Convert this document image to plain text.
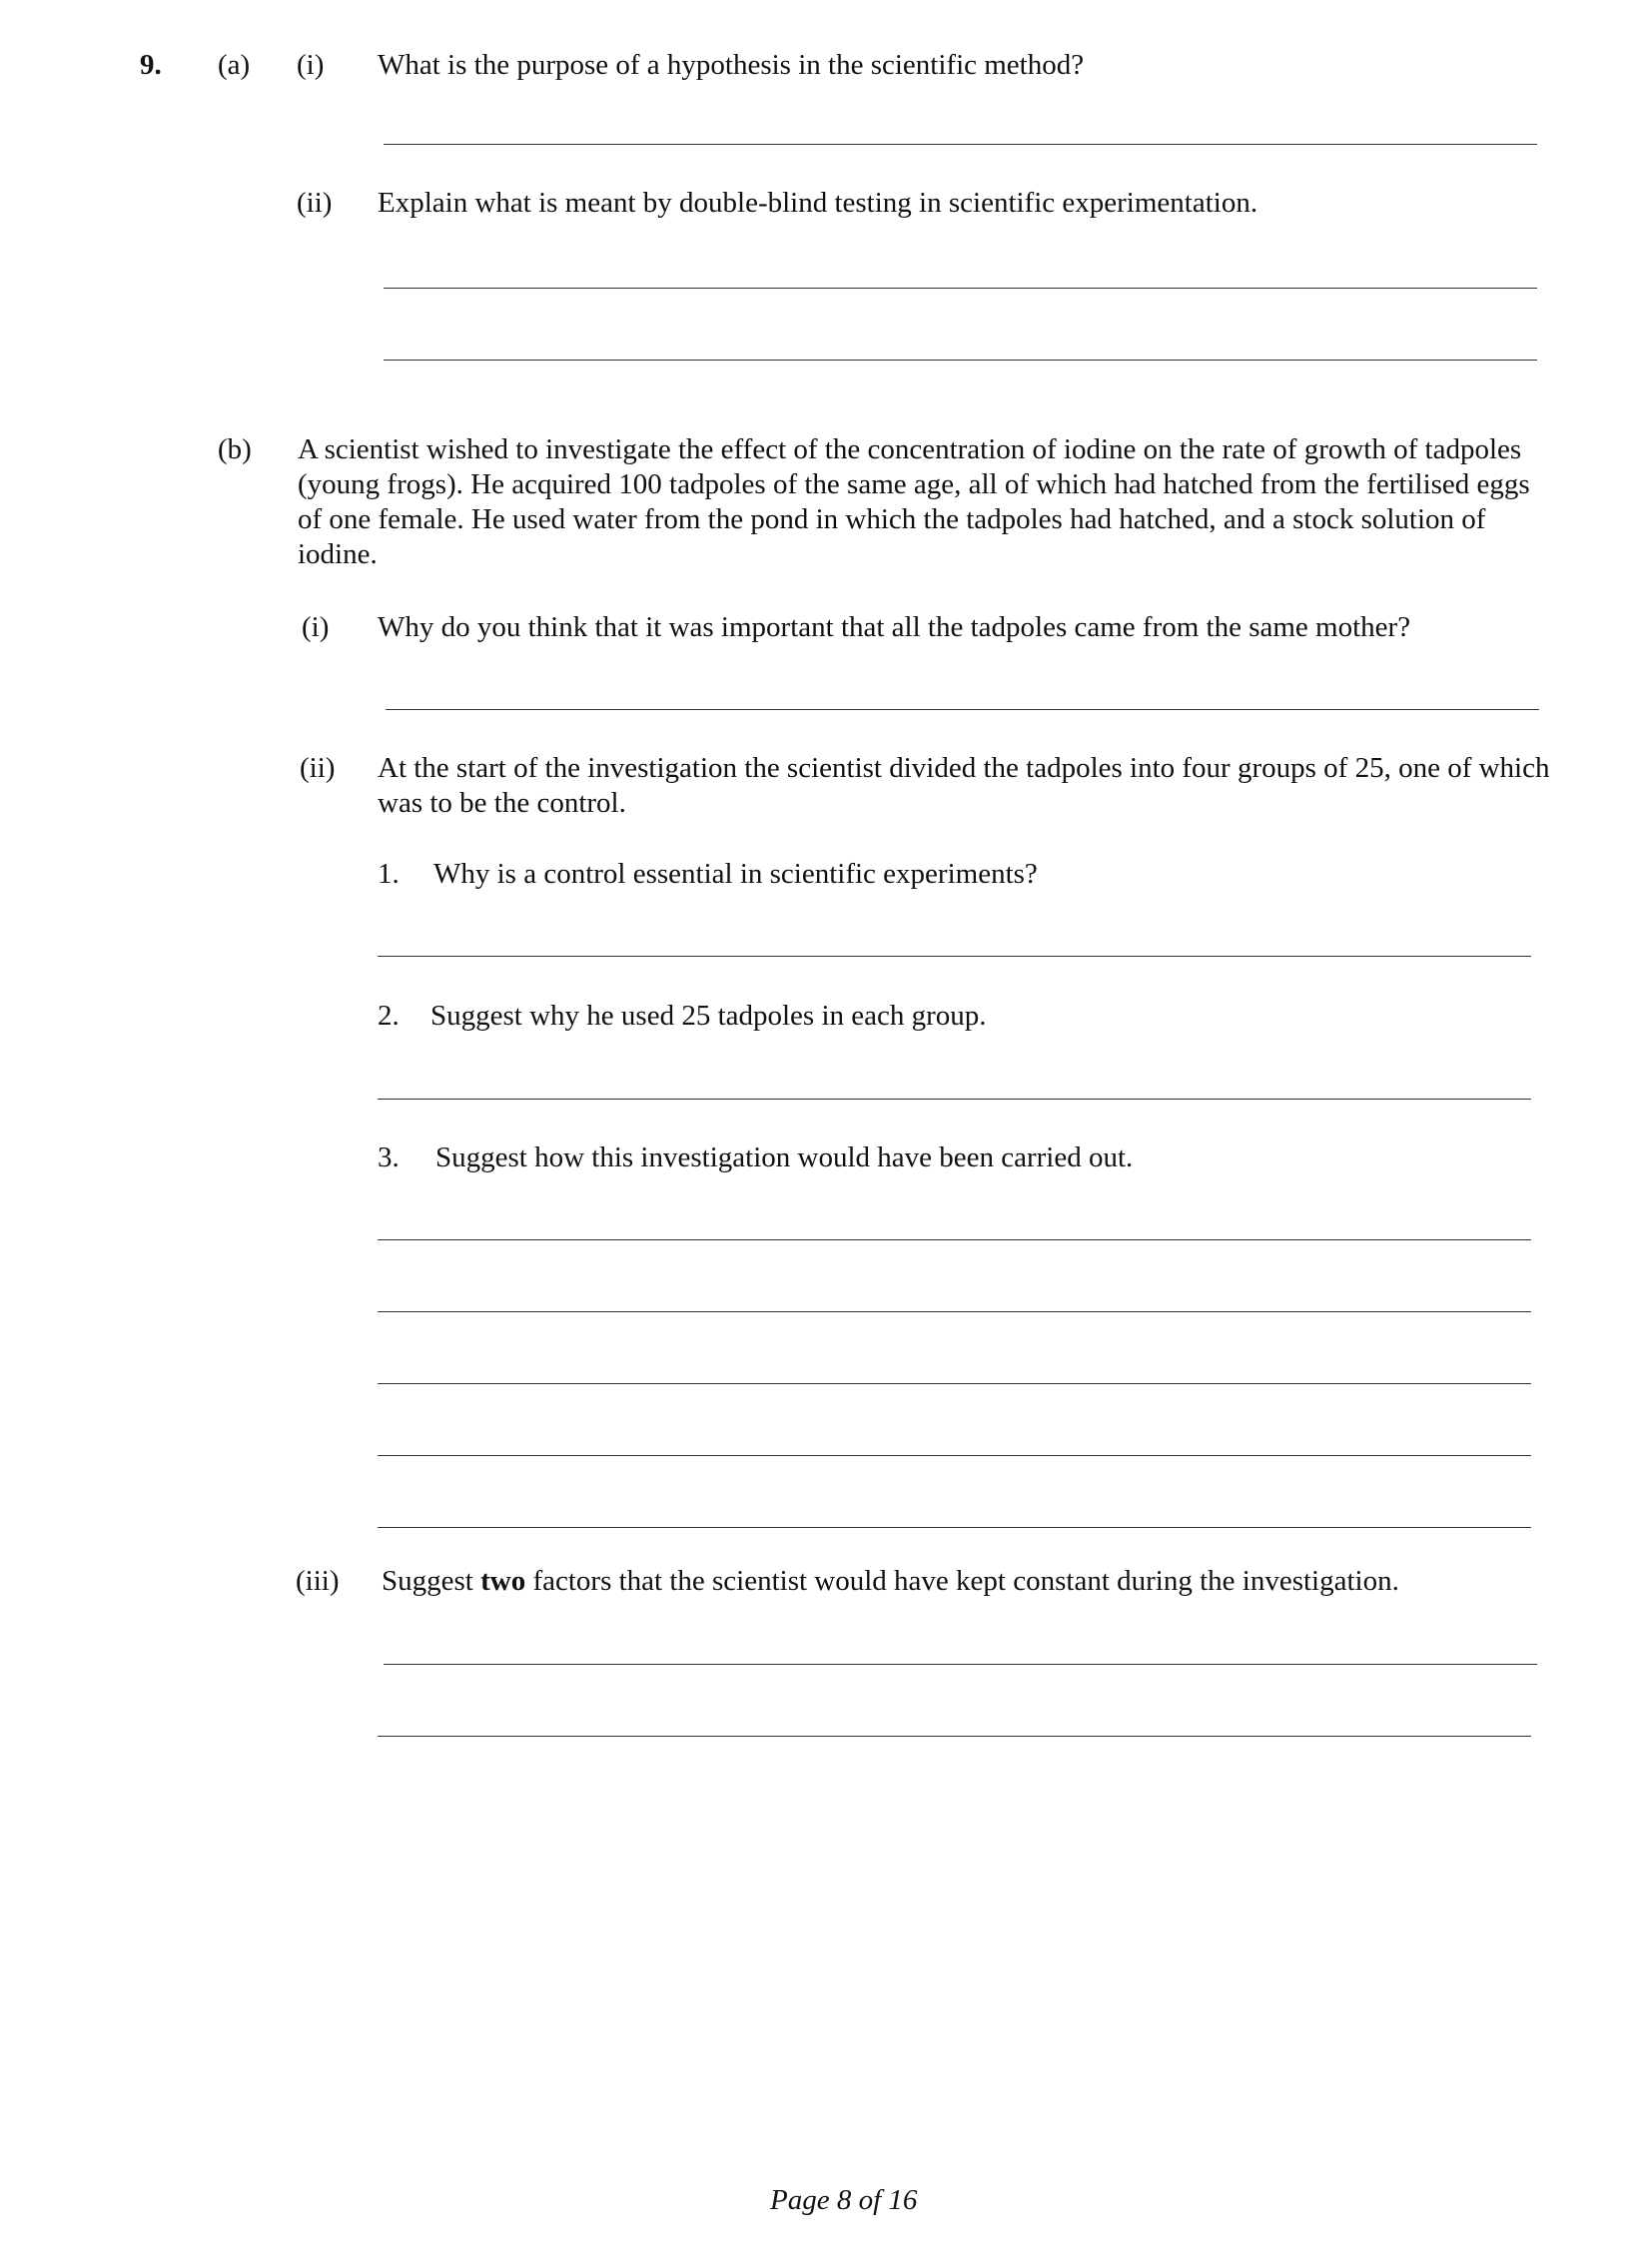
9. (a) (i) What is the purpose of a hypothesis in the scientific method?
(ii) Explain what is meant by double-blind testing in scientific experimentation.
(b) A scientist wished to investigate the effect of the concentration of iodine on the rate of growth of tadpoles (young frogs). He acquired 100 tadpoles of the same age, all of which had hatched from the fertilised eggs of one female. He used water from the pond in which the tadpoles had hatched, and a stock solution of iodine.
(i) Why do you think that it was important that all the tadpoles came from the same mother?
(ii) At the start of the investigation the scientist divided the tadpoles into four groups of 25, one of which was to be the control.
1. Why is a control essential in scientific experiments?
2. Suggest why he used 25 tadpoles in each group.
3. Suggest how this investigation would have been carried out.
(iii) Suggest two factors that the scientist would have kept constant during the investigation.
Page 8 of 16
